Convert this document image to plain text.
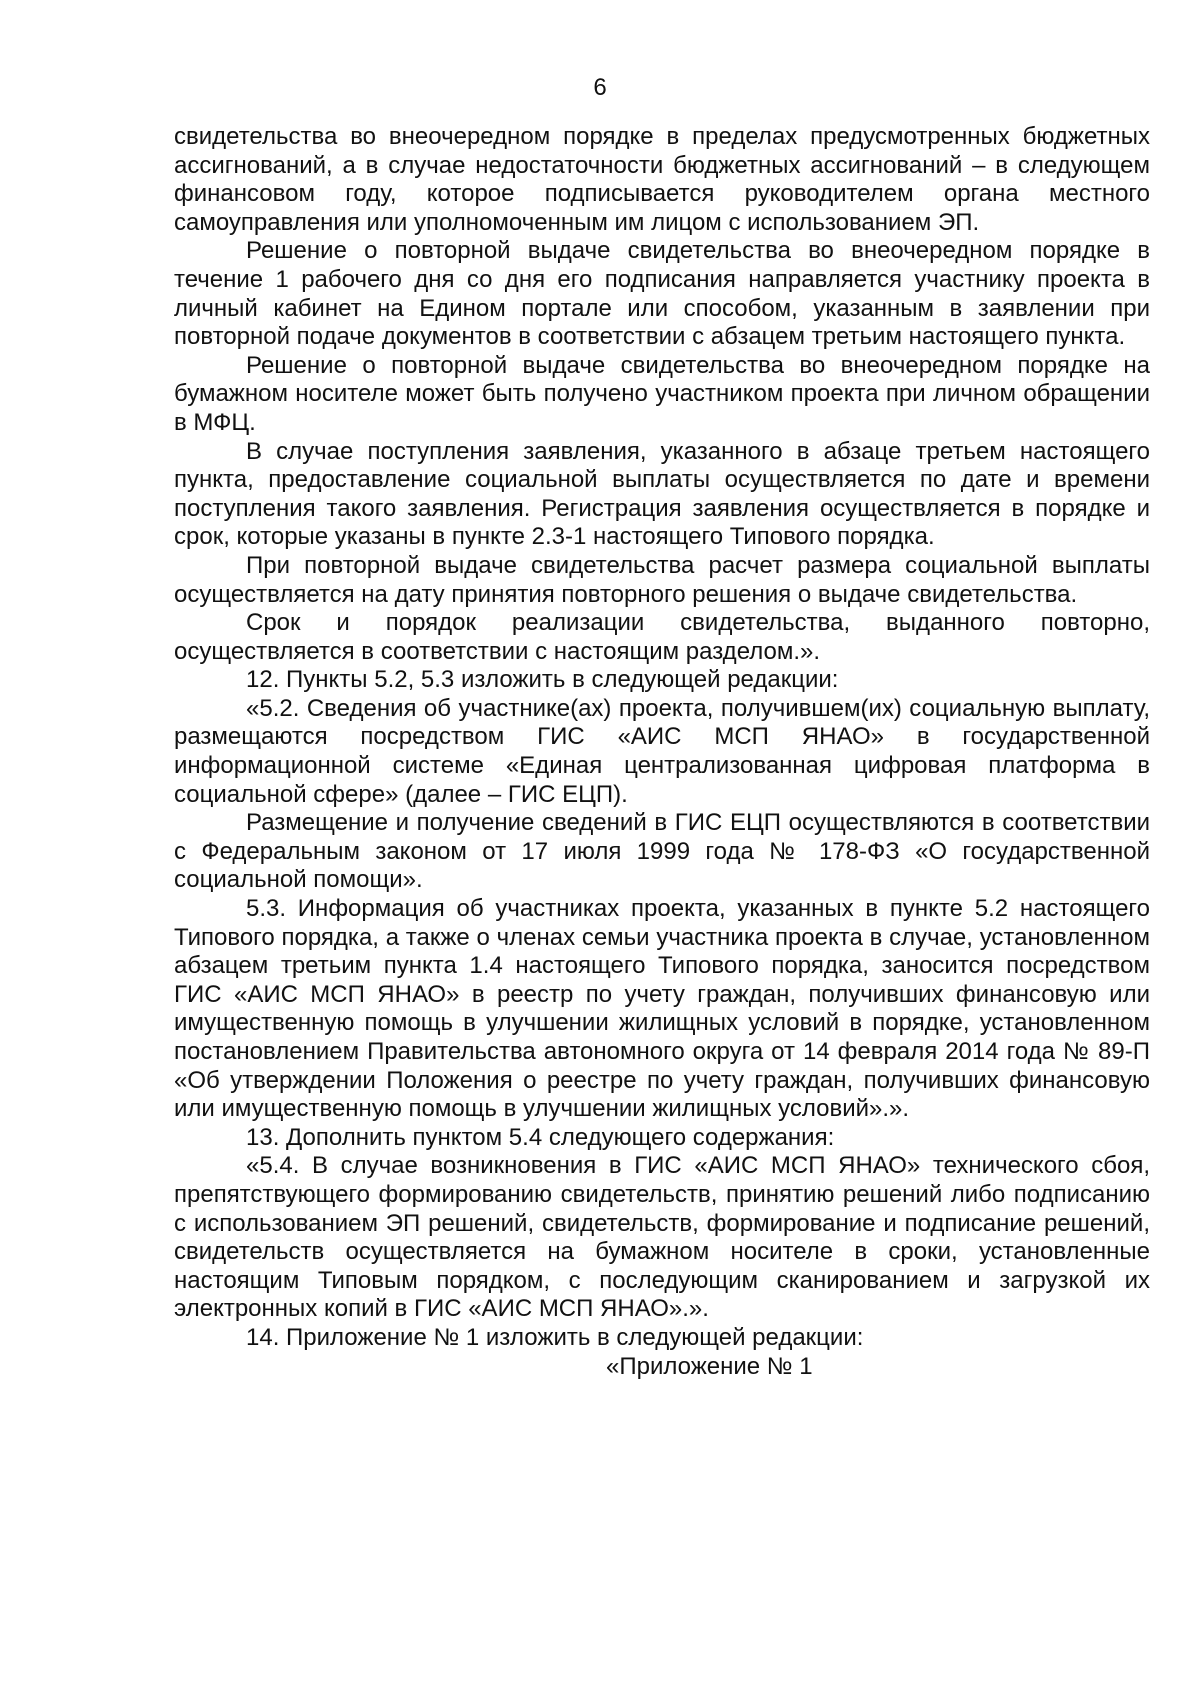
6

свидетельства во внеочередном порядке в пределах предусмотренных бюджетных ассигнований, а в случае недостаточности бюджетных ассигнований – в следующем финансовом году, которое подписывается руководителем органа местного самоуправления или уполномоченным им лицом с использованием ЭП.

Решение о повторной выдаче свидетельства во внеочередном порядке в течение 1 рабочего дня со дня его подписания направляется участнику проекта в личный кабинет на Едином портале или способом, указанным в заявлении при повторной подаче документов в соответствии с абзацем третьим настоящего пункта.

Решение о повторной выдаче свидетельства во внеочередном порядке на бумажном носителе может быть получено участником проекта при личном обращении в МФЦ.

В случае поступления заявления, указанного в абзаце третьем настоящего пункта, предоставление социальной выплаты осуществляется по дате и времени поступления такого заявления. Регистрация заявления осуществляется в порядке и срок, которые указаны в пункте 2.3-1 настоящего Типового порядка.

При повторной выдаче свидетельства расчет размера социальной выплаты осуществляется на дату принятия повторного решения о выдаче свидетельства.

Срок и порядок реализации свидетельства, выданного повторно, осуществляется в соответствии с настоящим разделом.».

12. Пункты 5.2, 5.3 изложить в следующей редакции:

«5.2. Сведения об участнике(ах) проекта, получившем(их) социальную выплату, размещаются посредством ГИС «АИС МСП ЯНАО» в государственной информационной системе «Единая централизованная цифровая платформа в социальной сфере» (далее – ГИС ЕЦП).

Размещение и получение сведений в ГИС ЕЦП осуществляются в соответствии с Федеральным законом от 17 июля 1999 года № 178-ФЗ «О государственной социальной помощи».

5.3. Информация об участниках проекта, указанных в пункте 5.2 настоящего Типового порядка, а также о членах семьи участника проекта в случае, установленном абзацем третьим пункта 1.4 настоящего Типового порядка, заносится посредством ГИС «АИС МСП ЯНАО» в реестр по учету граждан, получивших финансовую или имущественную помощь в улучшении жилищных условий в порядке, установленном постановлением Правительства автономного округа от 14 февраля 2014 года № 89-П «Об утверждении Положения о реестре по учету граждан, получивших финансовую или имущественную помощь в улучшении жилищных условий».».

13. Дополнить пунктом 5.4 следующего содержания:

«5.4. В случае возникновения в ГИС «АИС МСП ЯНАО» технического сбоя, препятствующего формированию свидетельств, принятию решений либо подписанию с использованием ЭП решений, свидетельств, формирование и подписание решений, свидетельств осуществляется на бумажном носителе в сроки, установленные настоящим Типовым порядком, с последующим сканированием и загрузкой их электронных копий в ГИС «АИС МСП ЯНАО».».

14. Приложение № 1 изложить в следующей редакции:

«Приложение № 1
